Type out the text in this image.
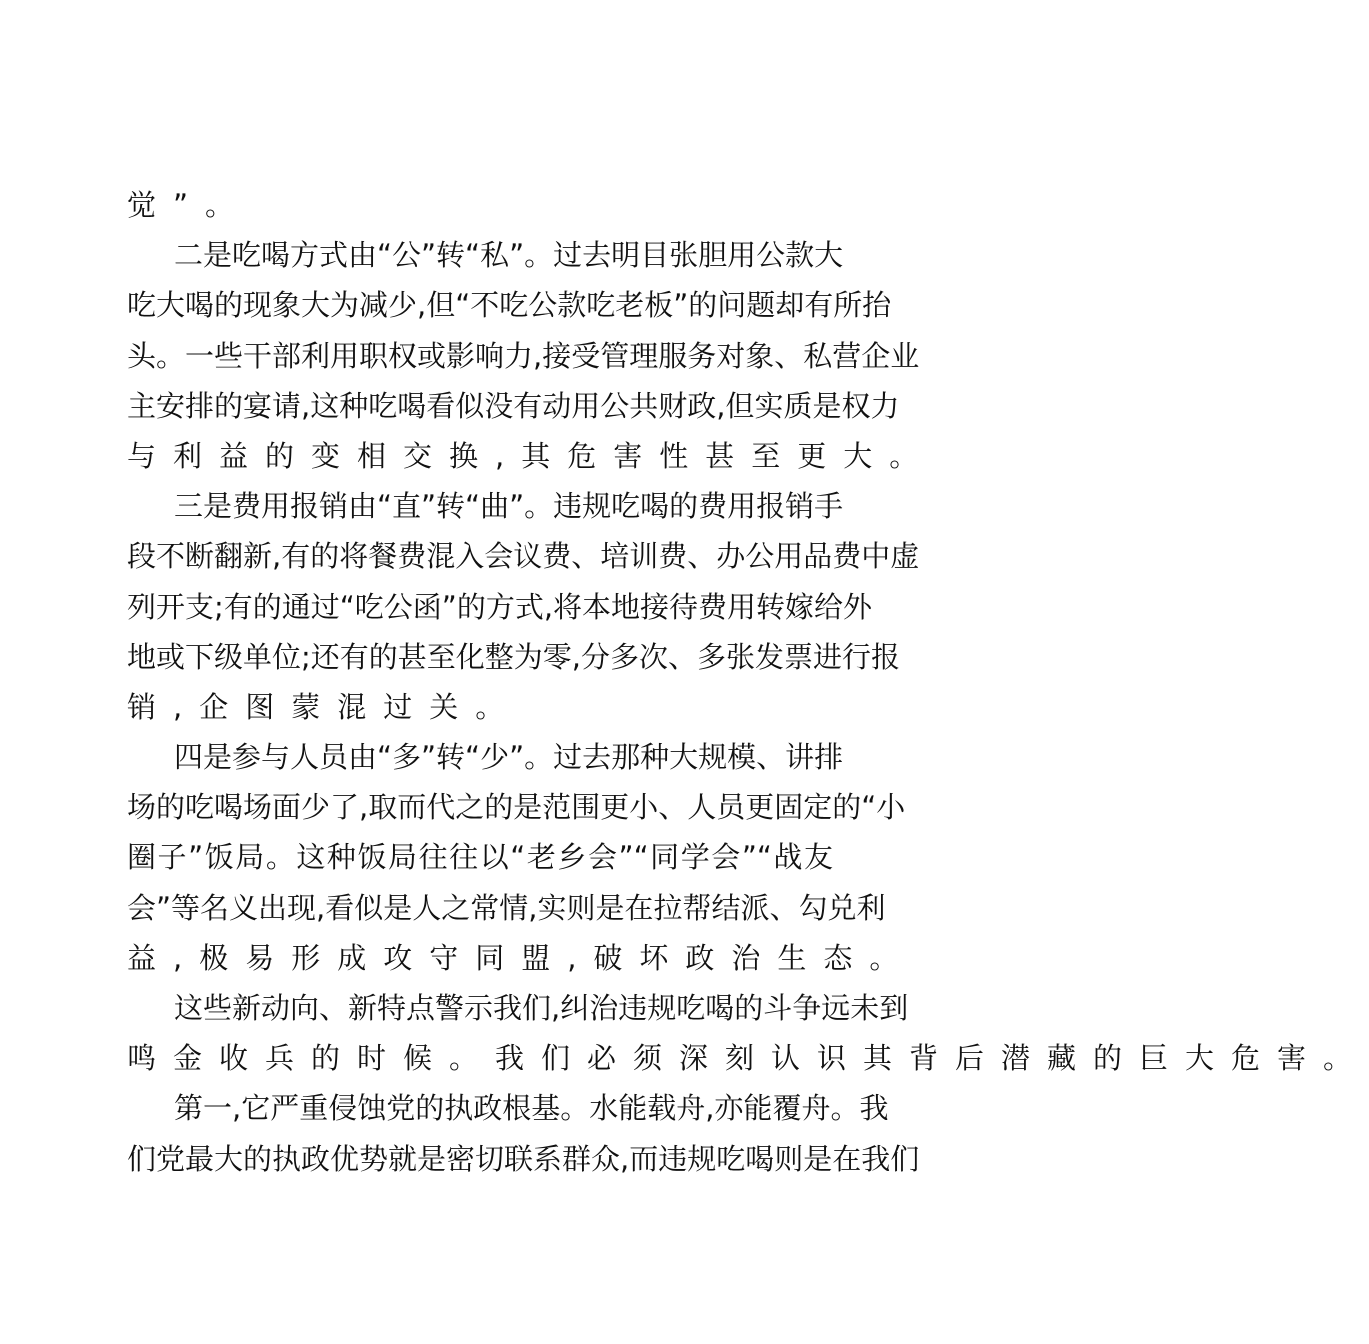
觉”。
二是吃喝方式由“公”转“私”。过去明目张胆用公款大
吃大喝的现象大为减少,但“不吃公款吃老板”的问题却有所抬
头。一些干部利用职权或影响力,接受管理服务对象、私营企业
主安排的宴请,这种吃喝看似没有动用公共财政,但实质是权力
与利益的变相交换,其危害性甚至更大。
三是费用报销由“直”转“曲”。违规吃喝的费用报销手
段不断翻新,有的将餐费混入会议费、培训费、办公用品费中虚
列开支;有的通过“吃公函”的方式,将本地接待费用转嫁给外
地或下级单位;还有的甚至化整为零,分多次、多张发票进行报
销,企图蒙混过关。
四是参与人员由“多”转“少”。过去那种大规模、讲排
场的吃喝场面少了,取而代之的是范围更小、人员更固定的“小
圈子”饭局。这种饭局往往以“老乡会”“同学会”“战友
会”等名义出现,看似是人之常情,实则是在拉帮结派、勾兑利
益,极易形成攻守同盟,破坏政治生态。
这些新动向、新特点警示我们,纠治违规吃喝的斗争远未到
鸣金收兵的时候。我们必须深刻认识其背后潜藏的巨大危害。
第一,它严重侵蚀党的执政根基。水能载舟,亦能覆舟。我
们党最大的执政优势就是密切联系群众,而违规吃喝则是在我们
